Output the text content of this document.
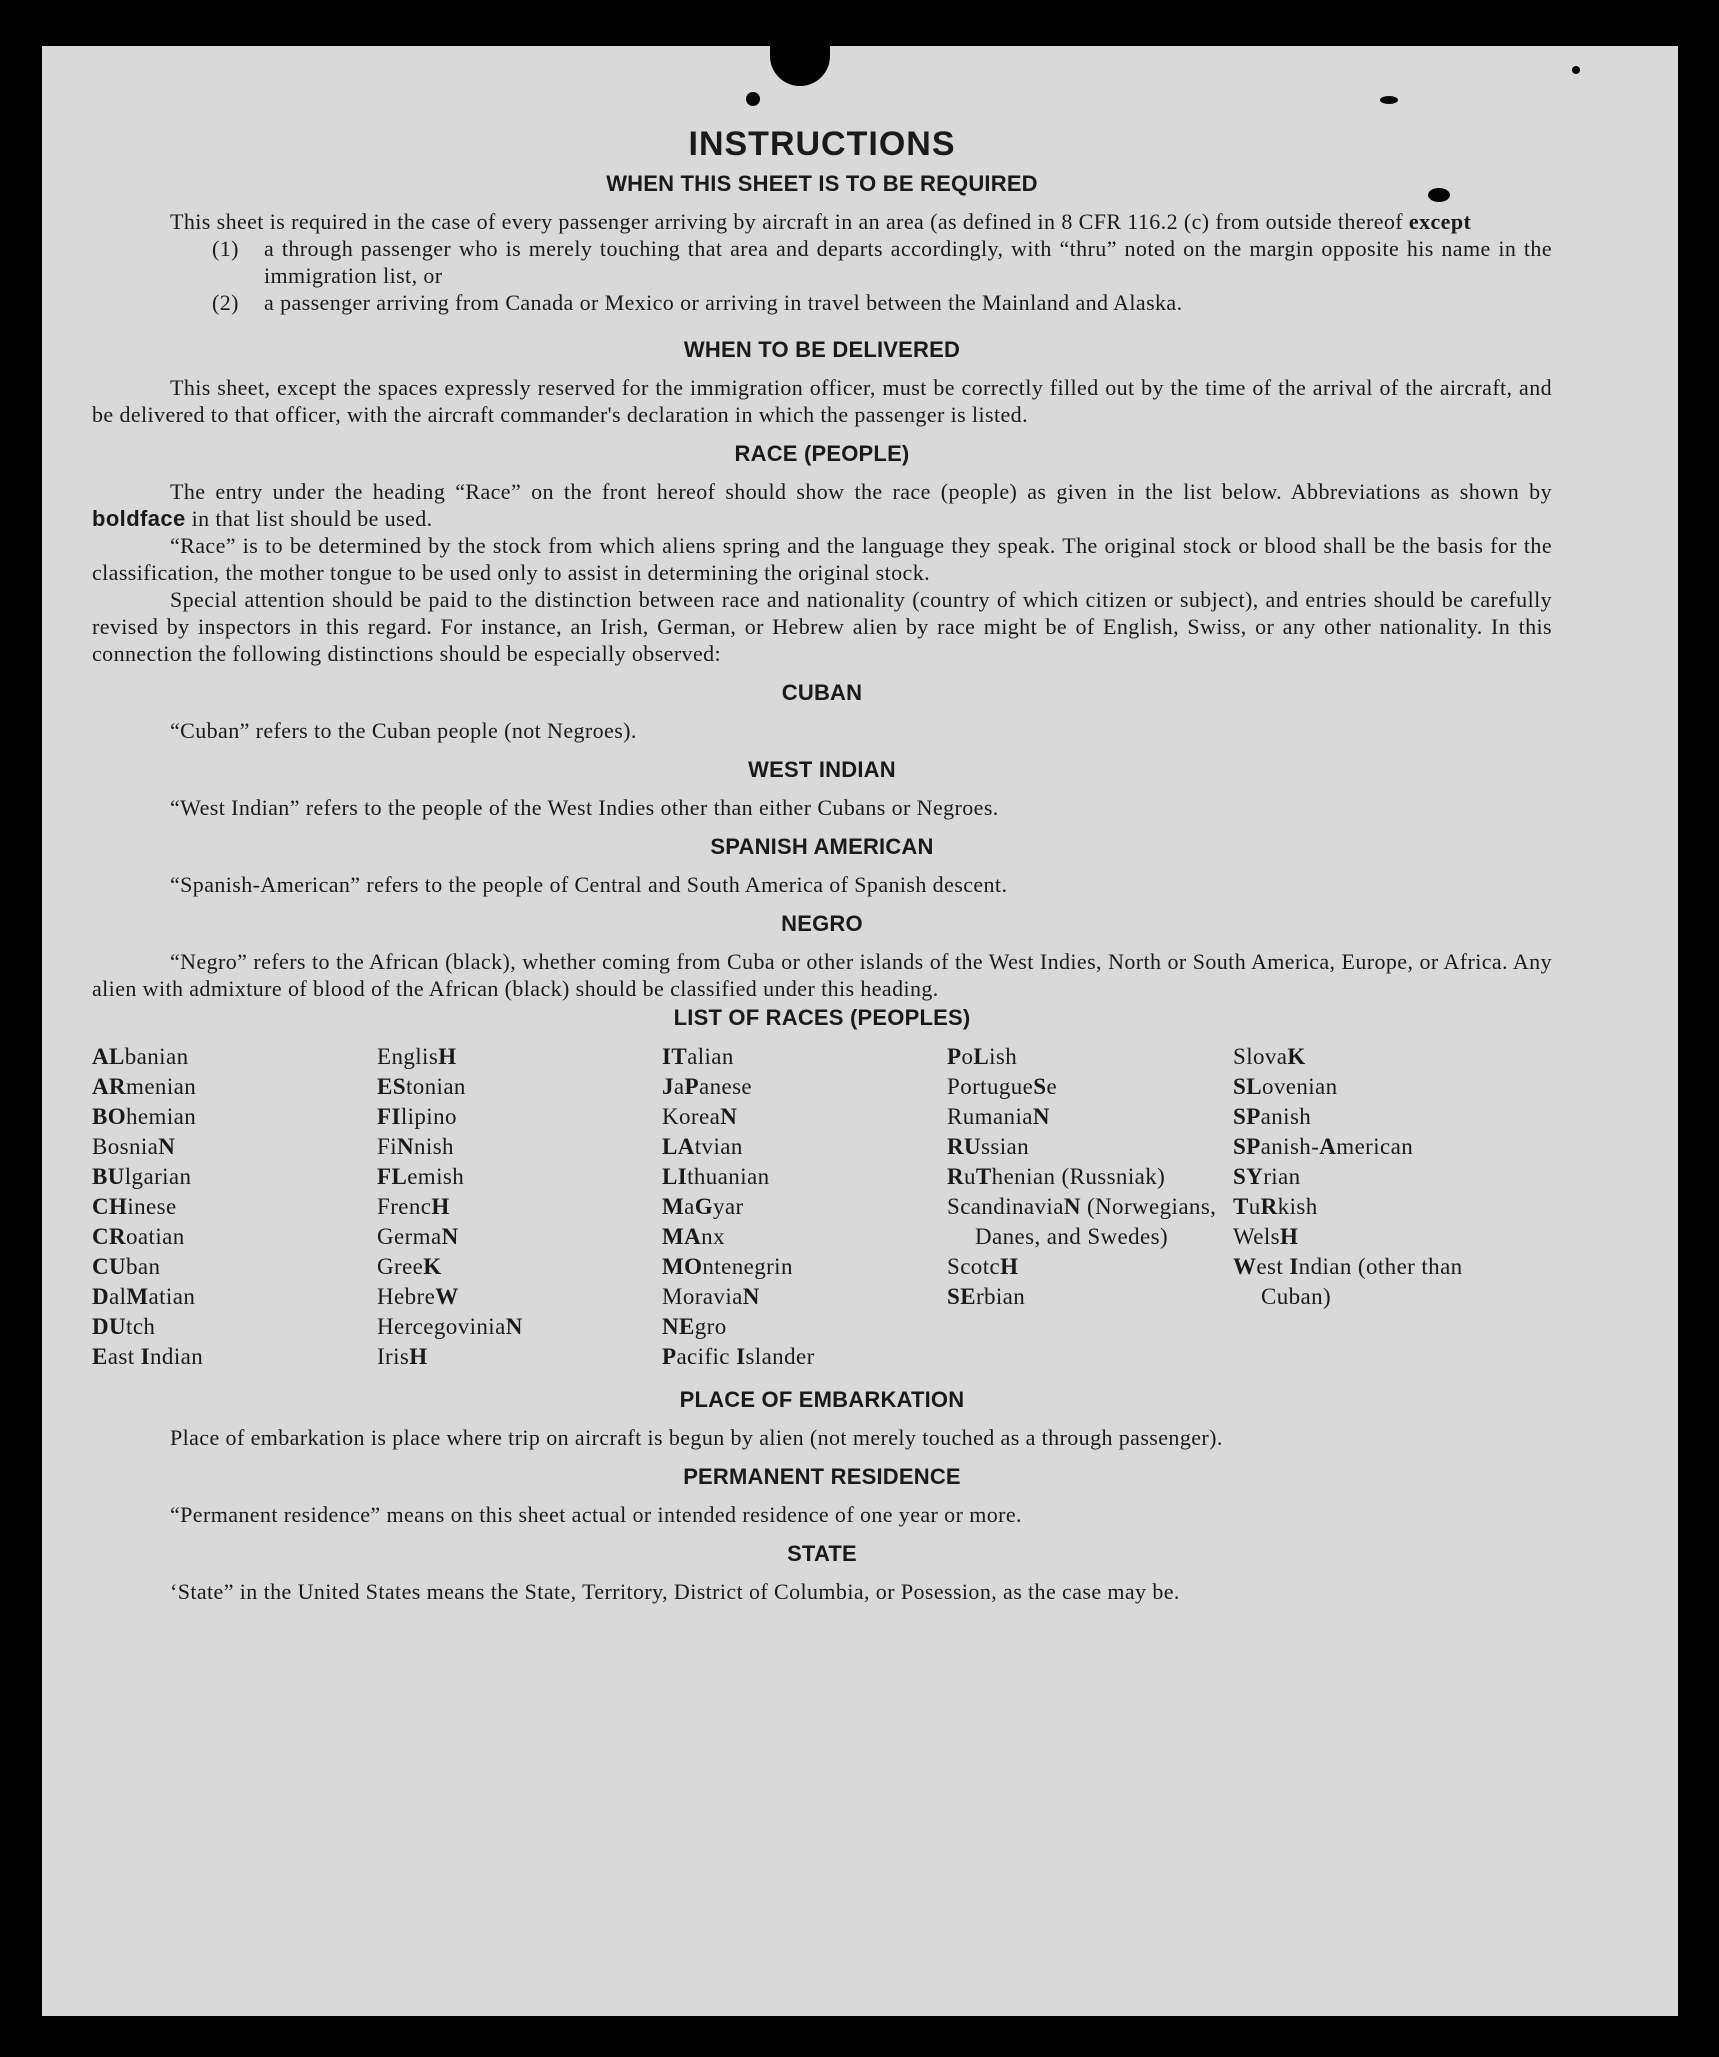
INSTRUCTIONS
WHEN THIS SHEET IS TO BE REQUIRED

This sheet is required in the case of every passenger arriving by aircraft in an area (as defined in 8 CFR 116.2 (c) from outside thereof except

(1) a through passenger who is merely touching that area and departs accordingly, with “thru” noted on the margin opposite his name in the immigration list, or
(2) a passenger arriving from Canada or Mexico or arriving in travel between the Mainland and Alaska.
WHEN TO BE DELIVERED

This sheet, except the spaces expressly reserved for the immigration officer, must be correctly filled out by the time of the arrival of the aircraft, and be delivered to that officer, with the aircraft commander's declaration in which the passenger is listed.

RACE (PEOPLE)

The entry under the heading “Race” on the front hereof should show the race (people) as given in the list below. Abbreviations as shown by boldface in that list should be used.

“Race” is to be determined by the stock from which aliens spring and the language they speak. The original stock or blood shall be the basis for the classification, the mother tongue to be used only to assist in determining the original stock.

Special attention should be paid to the distinction between race and nationality (country of which citizen or subject), and entries should be carefully revised by inspectors in this regard. For instance, an Irish, German, or Hebrew alien by race might be of English, Swiss, or any other nationality. In this connection the following distinctions should be especially observed:

CUBAN

“Cuban” refers to the Cuban people (not Negroes).

WEST INDIAN

“West Indian” refers to the people of the West Indies other than either Cubans or Negroes.

SPANISH AMERICAN

“Spanish-American” refers to the people of Central and South America of Spanish descent.

NEGRO

“Negro” refers to the African (black), whether coming from Cuba or other islands of the West Indies, North or South America, Europe, or Africa. Any alien with admixture of blood of the African (black) should be classified under this heading.

LIST OF RACES (PEOPLES)
ALbanian
ARmenian
BOhemian
BosniaN
BUlgarian
CHinese
CRoatian
CUban
DalMatian
DUtch
East Indian
EnglisH
EStonian
FIlipino
FiNnish
FLemish
FrencH
GermaN
GreeK
HebreW
HercegoviniaN
IrisH
ITalian
JaPanese
KoreaN
LAtvian
LIthuanian
MaGyar
MAnx
MOntenegrin
MoraviaN
NEgro
Pacific Islander
PoLish
PortugueSe
RumaniaN
RUssian
RuThenian (Russniak)
ScandinaviaN (Norwegians, Danes, and Swedes)
ScotcH
SErbian
SlovaK
SLovenian
SPanish
SPanish-American
SYrian
TuRkish
WelsH
West Indian (other than Cuban)
PLACE OF EMBARKATION

Place of embarkation is place where trip on aircraft is begun by alien (not merely touched as a through passenger).

PERMANENT RESIDENCE

“Permanent residence” means on this sheet actual or intended residence of one year or more.

STATE

‘State” in the United States means the State, Territory, District of Columbia, or Posession, as the case may be.
